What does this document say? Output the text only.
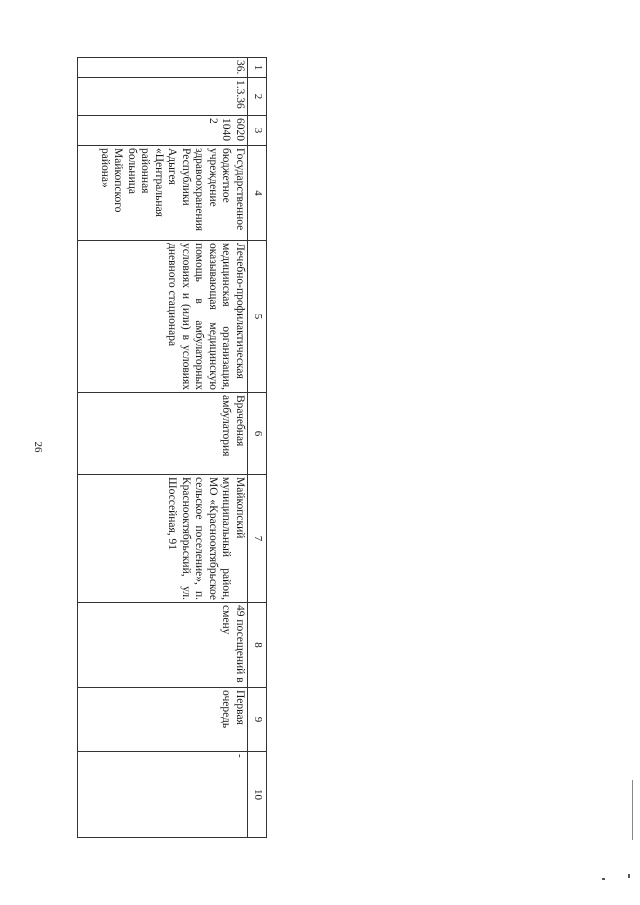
26
1	2	3	4	5	6	7	8	9	10
36.	1.3.36	602010402	Государственное бюджетное учреждение здравоохранения Республики Адыгея «Центральная районная больница Майкопского района»	Лечебно-профилактическая медицинская организация, оказывающая медицинскую помощь в амбулаторных условиях и (или) в условиях дневного стационара	Врачебная амбулатория	Майкопский муниципальный район, МО «Краснооктябрьское сельское поселение», п. Краснооктябрьский, ул. Шоссейная, 91	49 посещений в смену	Первая очередь	-
